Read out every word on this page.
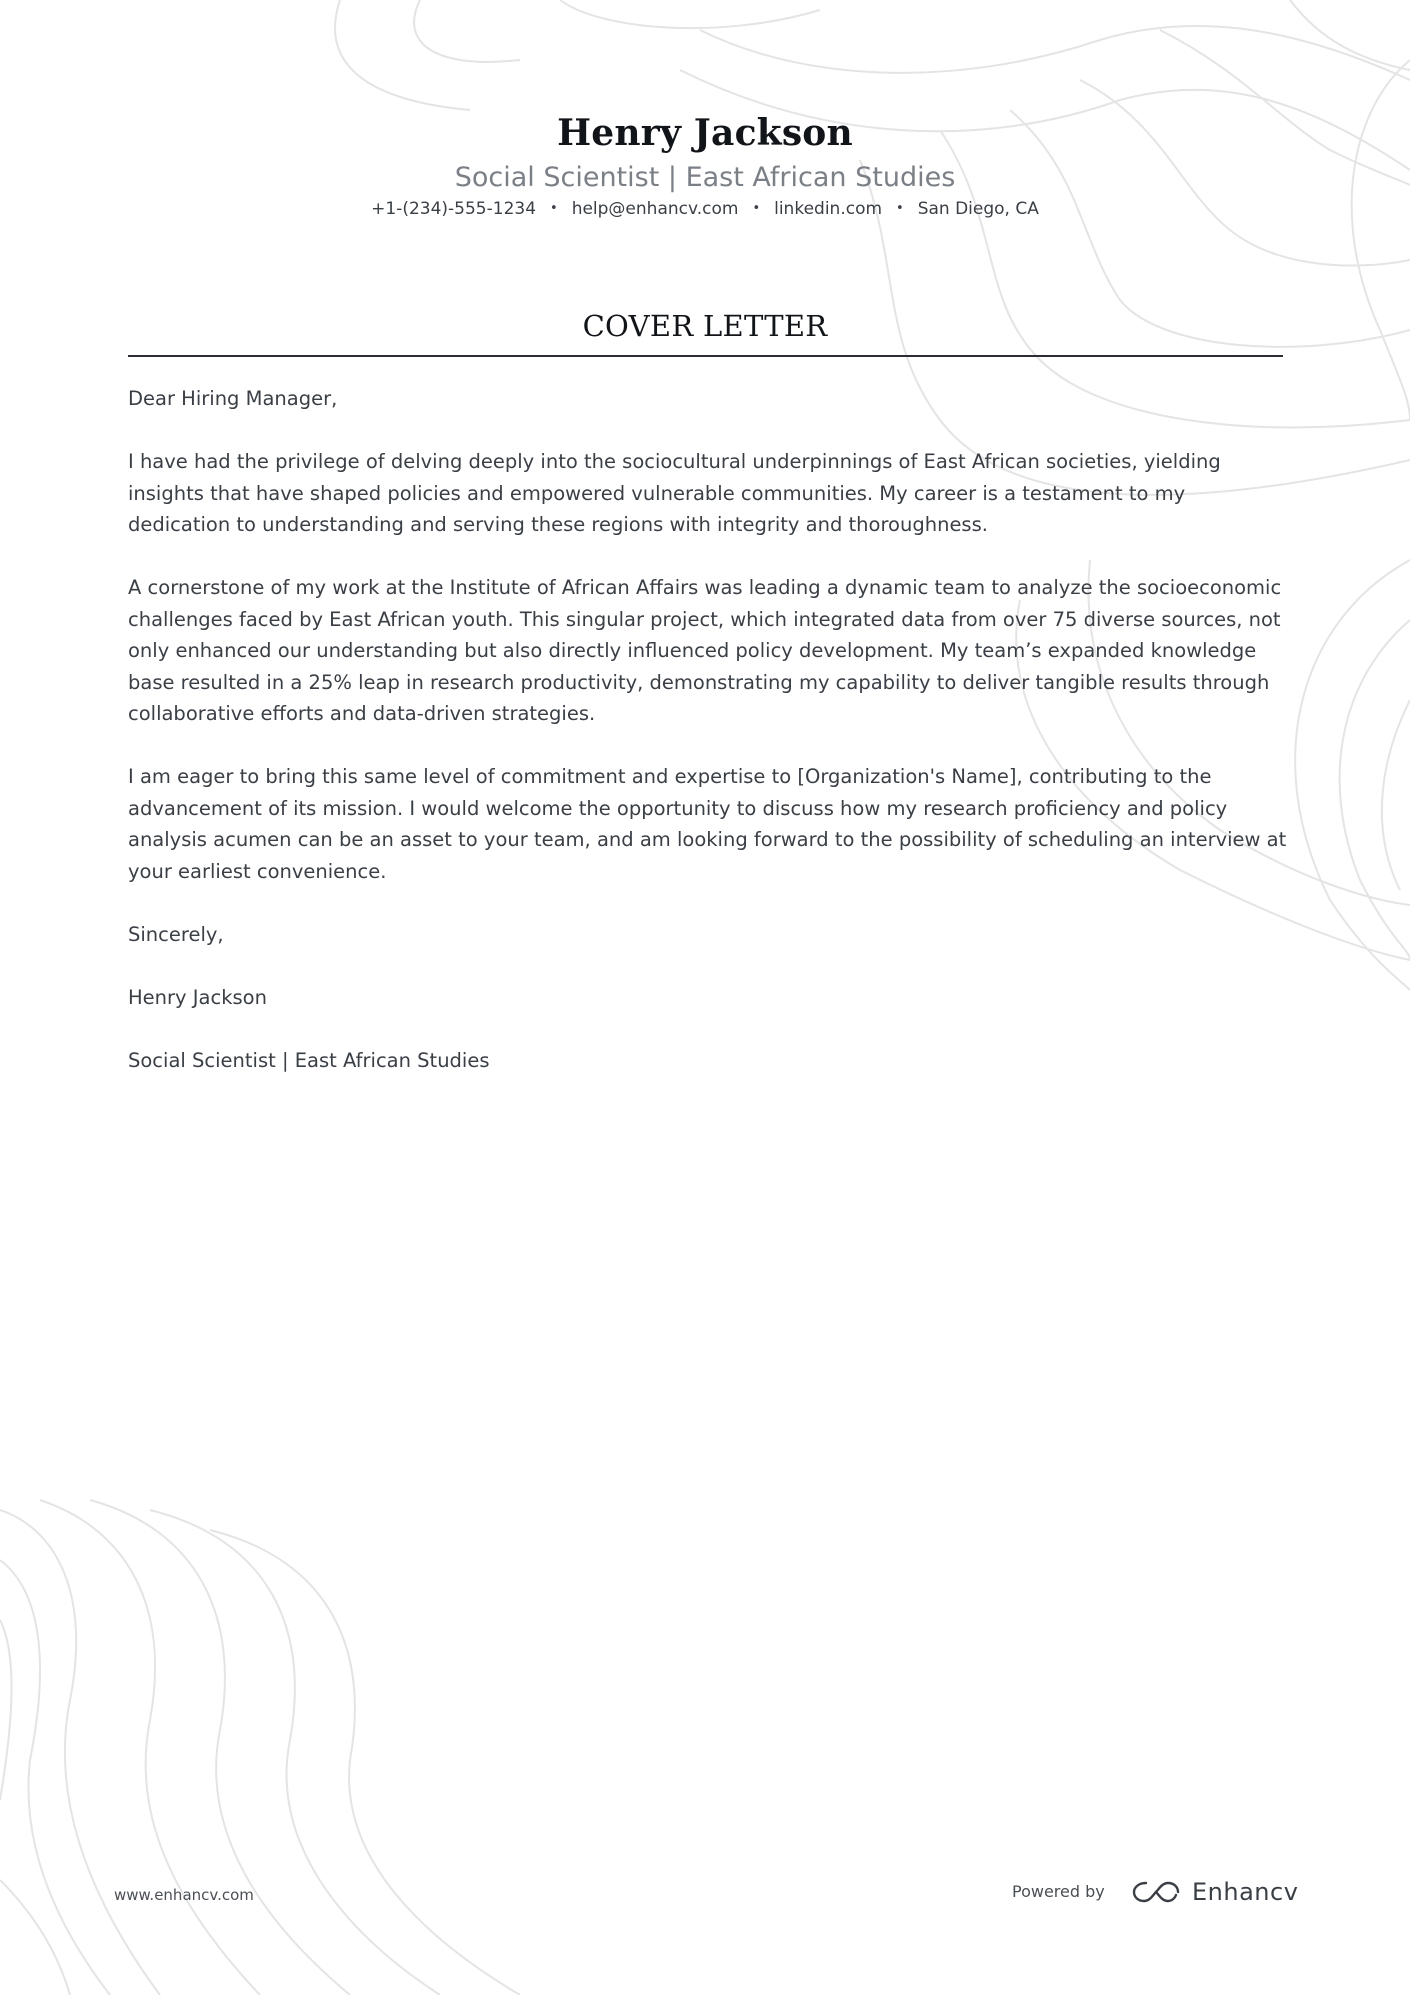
Henry Jackson
Social Scientist | East African Studies
+1-(234)-555-1234 • help@enhancv.com • linkedin.com • San Diego, CA
COVER LETTER

Dear Hiring Manager,

I have had the privilege of delving deeply into the sociocultural underpinnings of East African societies, yielding insights that have shaped policies and empowered vulnerable communities. My career is a testament to my dedication to understanding and serving these regions with integrity and thoroughness.

A cornerstone of my work at the Institute of African Affairs was leading a dynamic team to analyze the socioeconomic challenges faced by East African youth. This singular project, which integrated data from over 75 diverse sources, not only enhanced our understanding but also directly influenced policy development. My team’s expanded knowledge base resulted in a 25% leap in research productivity, demonstrating my capability to deliver tangible results through collaborative efforts and data-driven strategies.

I am eager to bring this same level of commitment and expertise to [Organization's Name], contributing to the advancement of its mission. I would welcome the opportunity to discuss how my research proficiency and policy analysis acumen can be an asset to your team, and am looking forward to the possibility of scheduling an interview at your earliest convenience.

Sincerely,

Henry Jackson

Social Scientist | East African Studies

www.enhancv.com	Powered by	Enhancv
